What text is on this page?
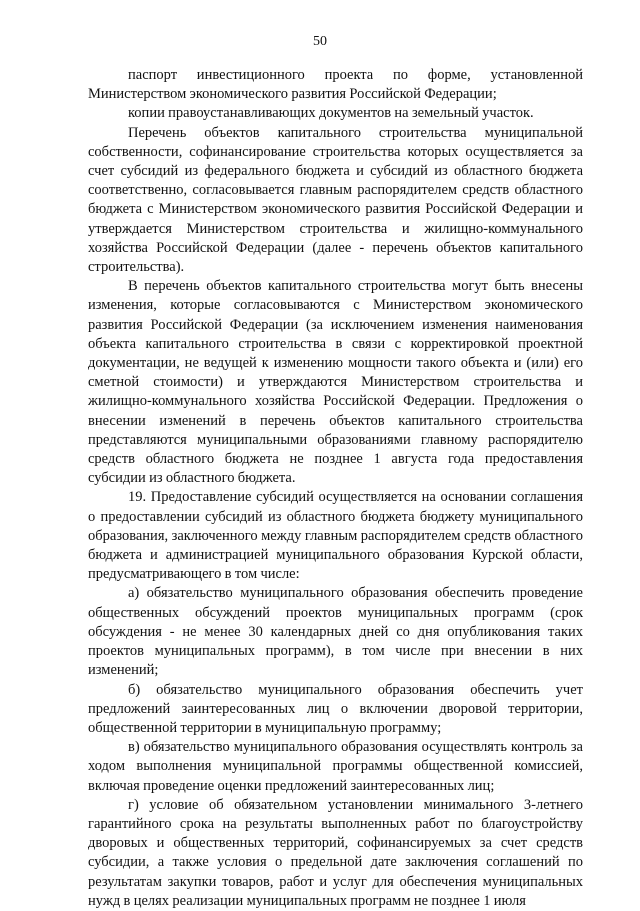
50

паспорт инвестиционного проекта по форме, установленной Министерством экономического развития Российской Федерации;

копии правоустанавливающих документов на земельный участок.

Перечень объектов капитального строительства муниципальной собственности, софинансирование строительства которых осуществляется за счет субсидий из федерального бюджета и субсидий из областного бюджета соответственно, согласовывается главным распорядителем средств областного бюджета с Министерством экономического развития Российской Федерации и утверждается Министерством строительства и жилищно-коммунального хозяйства Российской Федерации (далее - перечень объектов капитального строительства).

В перечень объектов капитального строительства могут быть внесены изменения, которые согласовываются с Министерством экономического развития Российской Федерации (за исключением изменения наименования объекта капитального строительства в связи с корректировкой проектной документации, не ведущей к изменению мощности такого объекта и (или) его сметной стоимости) и утверждаются Министерством строительства и жилищно-коммунального хозяйства Российской Федерации. Предложения о внесении изменений в перечень объектов капитального строительства представляются муниципальными образованиями главному распорядителю средств областного бюджета не позднее 1 августа года предоставления субсидии из областного бюджета.

19. Предоставление субсидий осуществляется на основании соглашения о предоставлении субсидий из областного бюджета бюджету муниципального образования, заключенного между главным распорядителем средств областного бюджета и администрацией муниципального образования Курской области, предусматривающего в том числе:

а) обязательство муниципального образования обеспечить проведение общественных обсуждений проектов муниципальных программ (срок обсуждения - не менее 30 календарных дней со дня опубликования таких проектов муниципальных программ), в том числе при внесении в них изменений;

б) обязательство муниципального образования обеспечить учет предложений заинтересованных лиц о включении дворовой территории, общественной территории в муниципальную программу;

в) обязательство муниципального образования осуществлять контроль за ходом выполнения муниципальной программы общественной комиссией, включая проведение оценки предложений заинтересованных лиц;

г) условие об обязательном установлении минимального 3-летнего гарантийного срока на результаты выполненных работ по благоустройству дворовых и общественных территорий, софинансируемых за счет средств субсидии, а также условия о предельной дате заключения соглашений по результатам закупки товаров, работ и услуг для обеспечения муниципальных нужд в целях реализации муниципальных программ не позднее 1 июля
